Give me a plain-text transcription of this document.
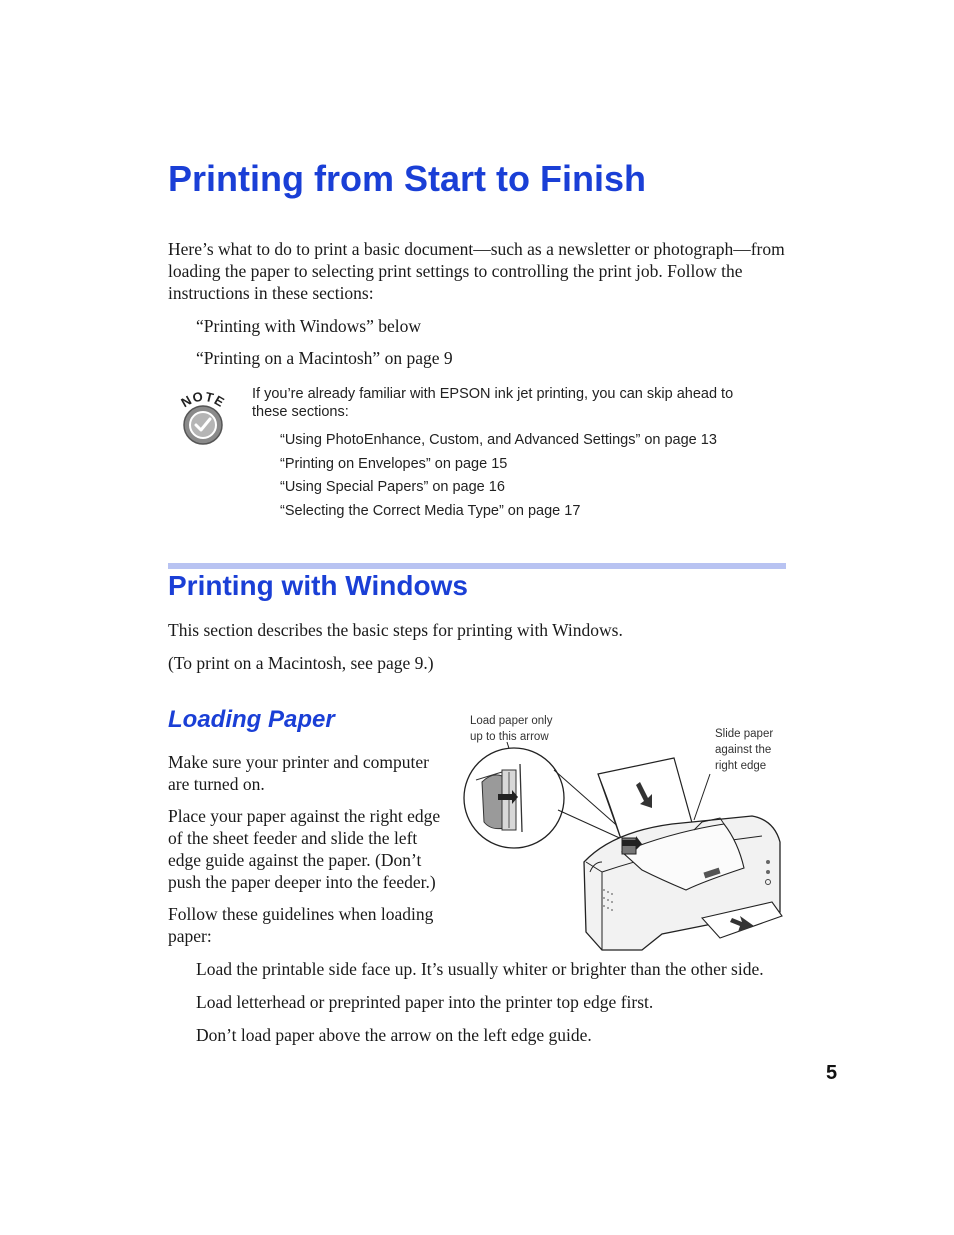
Printing from Start to Finish
Here’s what to do to print a basic document—such as a newsletter or photograph—from loading the paper to selecting print settings to controlling the print job. Follow the instructions in these sections:
“Printing with Windows” below
“Printing on a Macintosh” on page 9
NOTE If you’re already familiar with EPSON ink jet printing, you can skip ahead to these sections:
“Using PhotoEnhance, Custom, and Advanced Settings” on page 13
“Printing on Envelopes” on page 15
“Using Special Papers” on page 16
“Selecting the Correct Media Type” on page 17
Printing with Windows
This section describes the basic steps for printing with Windows.
(To print on a Macintosh, see page 9.)
Loading Paper
Make sure your printer and computer are turned on.
Place your paper against the right edge of the sheet feeder and slide the left edge guide against the paper. (Don’t push the paper deeper into the feeder.)
Follow these guidelines when loading paper:
Load the printable side face up. It’s usually whiter or brighter than the other side.
Load letterhead or preprinted paper into the printer top edge first.
Don’t load paper above the arrow on the left edge guide.
Load paper only
up to this arrow	Slide paper
against the
right edge
5
